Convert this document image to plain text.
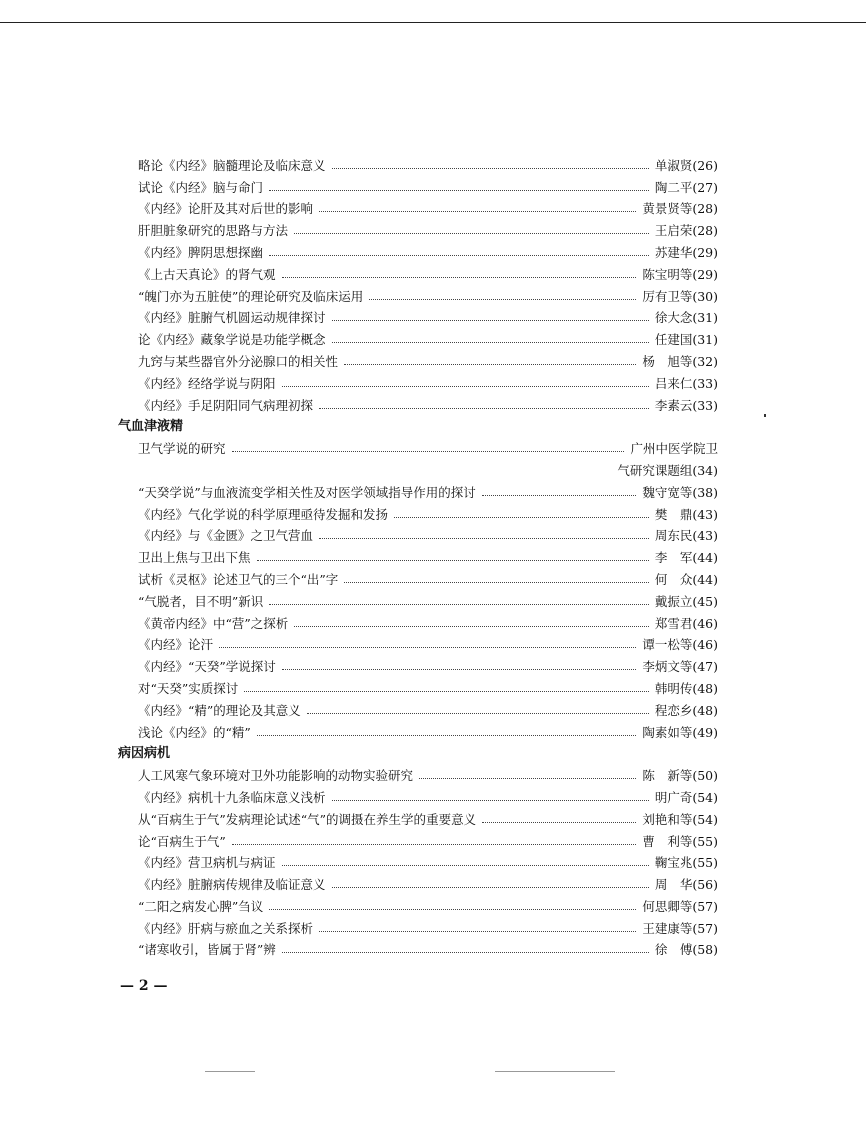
略论《内经》脑髓理论及临床意义	单淑贤(26)
试论《内经》脑与命门	陶二平(27)
《内经》论肝及其对后世的影响	黄景贤等(28)
肝胆脏象研究的思路与方法	王启荣(28)
《内经》脾阴思想探幽	苏建华(29)
《上古天真论》的肾气观	陈宝明等(29)
“魄门亦为五脏使”的理论研究及临床运用	厉有卫等(30)
《内经》脏腑气机圆运动规律探讨	徐大念(31)
论《内经》藏象学说是功能学概念	任建国(31)
九窍与某些器官外分泌腺口的相关性	杨　旭等(32)
《内经》经络学说与阴阳	吕来仁(33)
《内经》手足阴阳同气病理初探	李素云(33)
气血津液精
卫气学说的研究	广州中医学院卫
气研究课题组(34)
“天癸学说”与血液流变学相关性及对医学领域指导作用的探讨	魏守宽等(38)
《内经》气化学说的科学原理亟待发掘和发扬	樊　鼎(43)
《内经》与《金匮》之卫气营血	周东民(43)
卫出上焦与卫出下焦	李　军(44)
试析《灵枢》论述卫气的三个“出”字	何　众(44)
“气脱者，目不明”新识	戴振立(45)
《黄帝内经》中“营”之探析	郑雪君(46)
《内经》论汗	谭一松等(46)
《内经》“天癸”学说探讨	李炳文等(47)
对“天癸”实质探讨	韩明传(48)
《内经》“精”的理论及其意义	程恋乡(48)
浅论《内经》的“精”	陶素如等(49)
病因病机
人工风寒气象环境对卫外功能影响的动物实验研究	陈　新等(50)
《内经》病机十九条临床意义浅析	明广奇(54)
从“百病生于气”发病理论试述“气”的调摄在养生学的重要意义	刘艳和等(54)
论“百病生于气”	曹　利等(55)
《内经》营卫病机与病证	鞠宝兆(55)
《内经》脏腑病传规律及临证意义	周　华(56)
“二阳之病发心脾”刍议	何思卿等(57)
《内经》肝病与瘀血之关系探析	王建康等(57)
“诸寒收引，皆属于肾”辨	徐　傅(58)
— 2 —
